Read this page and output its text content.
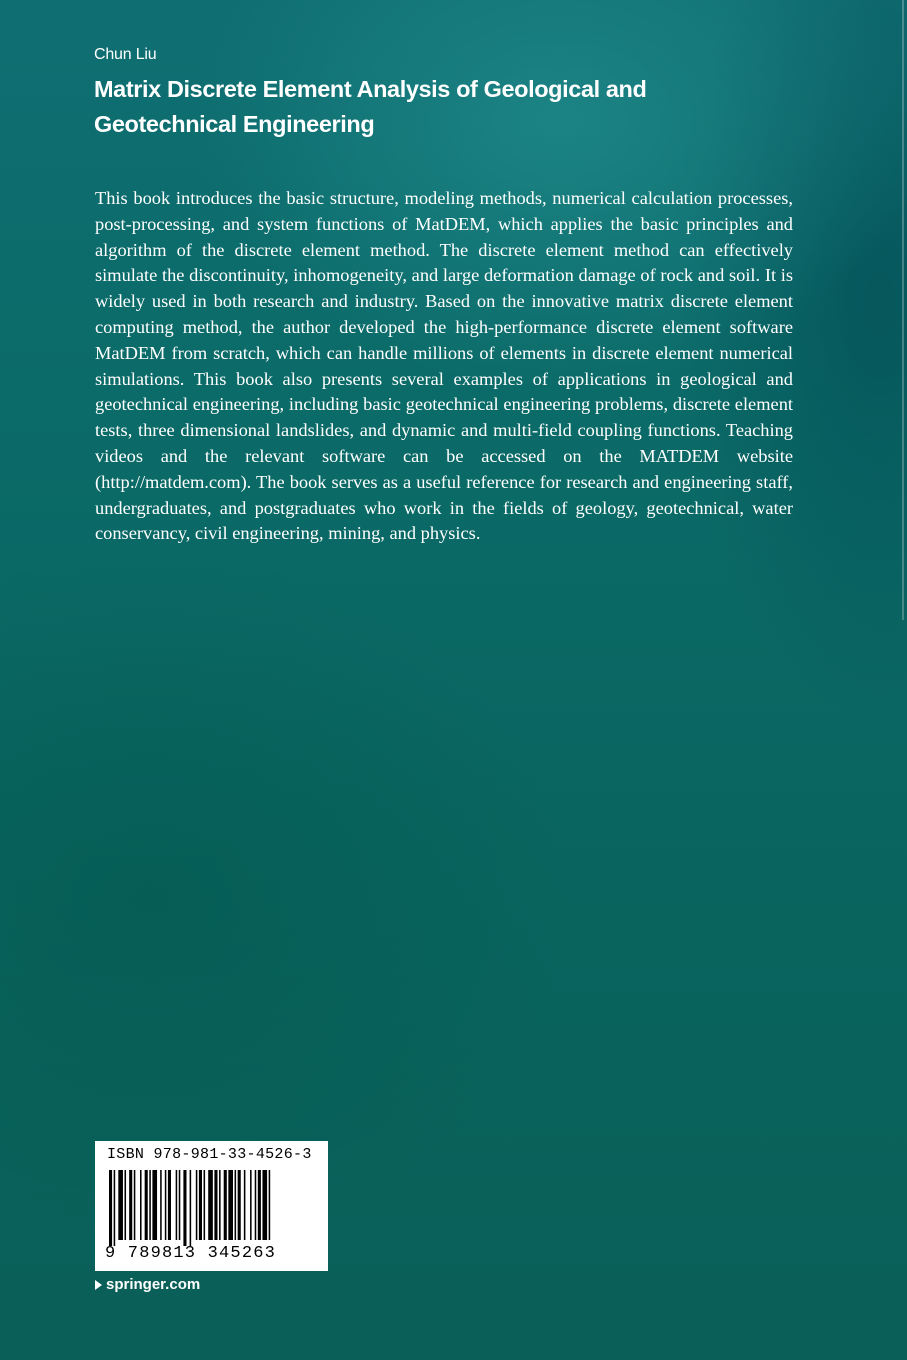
Chun Liu
Matrix Discrete Element Analysis of Geological and Geotechnical Engineering

This book introduces the basic structure, modeling methods, numerical calculation processes, post-processing, and system functions of MatDEM, which applies the basic principles and algorithm of the discrete element method. The discrete element method can effectively simulate the discontinuity, inhomogeneity, and large deformation damage of rock and soil. It is widely used in both research and industry. Based on the innovative matrix discrete element computing method, the author developed the high-performance discrete element software MatDEM from scratch, which can handle millions of elements in discrete element numerical simulations. This book also presents several examples of applications in geological and geotechnical engineering, including basic geotechnical engineering problems, discrete element tests, three dimensional landslides, and dynamic and multi-field coupling functions. Teaching videos and the relevant software can be accessed on the MATDEM website (http://matdem.com). The book serves as a useful reference for research and engineering staff, undergraduates, and postgraduates who work in the fields of geology, geotechnical, water conservancy, civil engineering, mining, and physics.

ISBN 978-981-33-4526-3
9 789813 345263
springer.com
